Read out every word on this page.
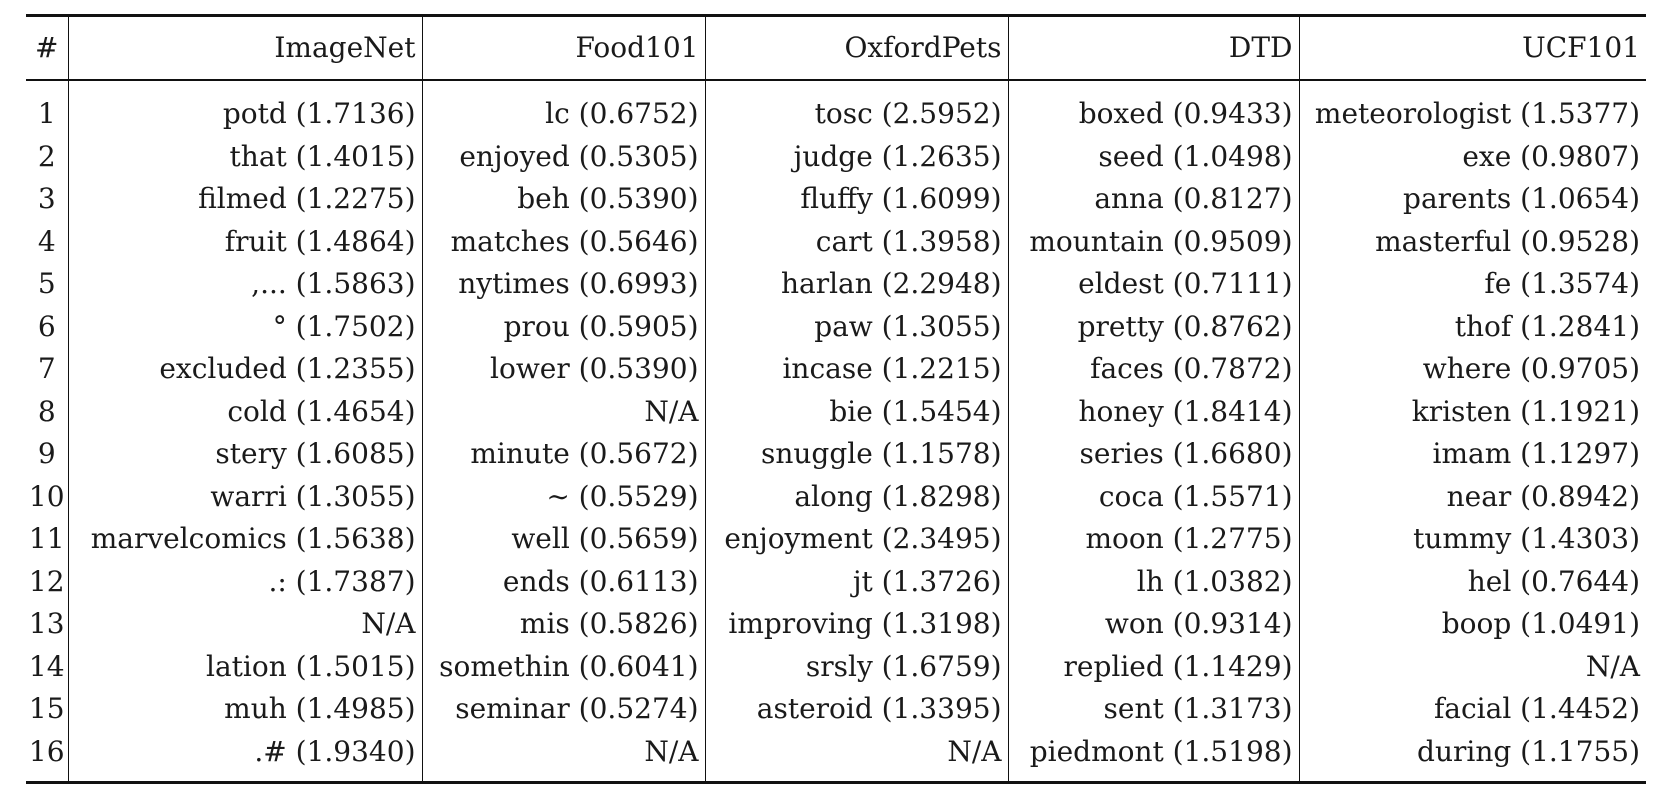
#	ImageNet	Food101	OxfordPets	DTD	UCF101
1	potd (1.7136)	lc (0.6752)	tosc (2.5952)	boxed (0.9433)	meteorologist (1.5377)
2	that (1.4015)	enjoyed (0.5305)	judge (1.2635)	seed (1.0498)	exe (0.9807)
3	filmed (1.2275)	beh (0.5390)	fluffy (1.6099)	anna (0.8127)	parents (1.0654)
4	fruit (1.4864)	matches (0.5646)	cart (1.3958)	mountain (0.9509)	masterful (0.9528)
5	,... (1.5863)	nytimes (0.6993)	harlan (2.2948)	eldest (0.7111)	fe (1.3574)
6	° (1.7502)	prou (0.5905)	paw (1.3055)	pretty (0.8762)	thof (1.2841)
7	excluded (1.2355)	lower (0.5390)	incase (1.2215)	faces (0.7872)	where (0.9705)
8	cold (1.4654)	N/A	bie (1.5454)	honey (1.8414)	kristen (1.1921)
9	stery (1.6085)	minute (0.5672)	snuggle (1.1578)	series (1.6680)	imam (1.1297)
10	warri (1.3055)	∼ (0.5529)	along (1.8298)	coca (1.5571)	near (0.8942)
11	marvelcomics (1.5638)	well (0.5659)	enjoyment (2.3495)	moon (1.2775)	tummy (1.4303)
12	.: (1.7387)	ends (0.6113)	jt (1.3726)	lh (1.0382)	hel (0.7644)
13	N/A	mis (0.5826)	improving (1.3198)	won (0.9314)	boop (1.0491)
14	lation (1.5015)	somethin (0.6041)	srsly (1.6759)	replied (1.1429)	N/A
15	muh (1.4985)	seminar (0.5274)	asteroid (1.3395)	sent (1.3173)	facial (1.4452)
16	.# (1.9340)	N/A	N/A	piedmont (1.5198)	during (1.1755)
